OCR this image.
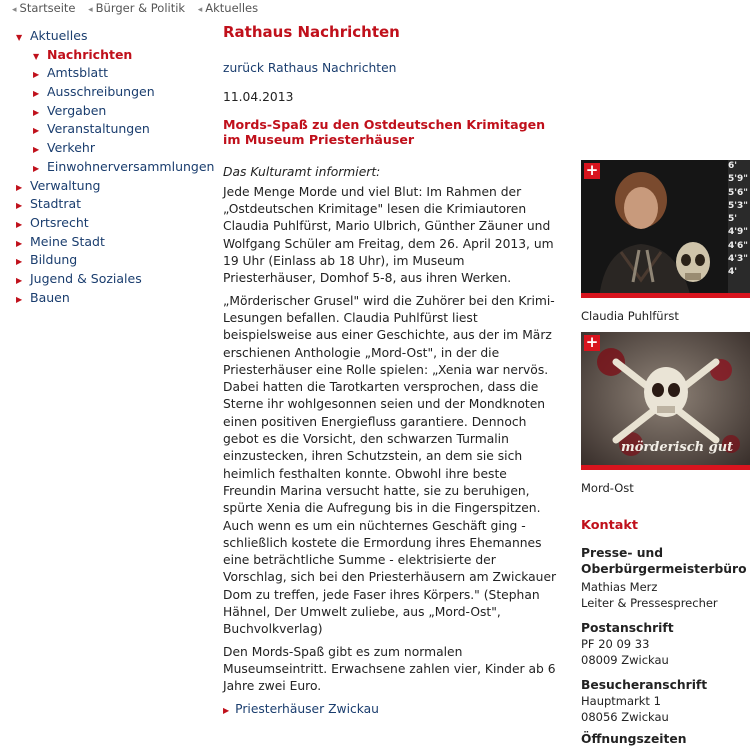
◂ Startseite ◂ Bürger & Politik ◂ Aktuelles
▼ Aktuelles
▼ Nachrichten
▶ Amtsblatt
▶ Ausschreibungen
▶ Vergaben
▶ Veranstaltungen
▶ Verkehr
▶ Einwohnerversammlungen
▶ Verwaltung
▶ Stadtrat
▶ Ortsrecht
▶ Meine Stadt
▶ Bildung
▶ Jugend & Soziales
▶ Bauen
Rathaus Nachrichten
zurück Rathaus Nachrichten
11.04.2013
Mords-Spaß zu den Ostdeutschen Krimitagen im Museum Priesterhäuser
Das Kulturamt informiert:
Jede Menge Morde und viel Blut: Im Rahmen der „Ostdeutschen Krimitage" lesen die Krimiautoren Claudia Puhlfürst, Mario Ulbrich, Günther Zäuner und Wolfgang Schüler am Freitag, dem 26. April 2013, um 19 Uhr (Einlass ab 18 Uhr), im Museum Priesterhäuser, Domhof 5-8, aus ihren Werken.
„Mörderischer Grusel" wird die Zuhörer bei den Krimi-Lesungen befallen. Claudia Puhlfürst liest beispielsweise aus einer Geschichte, aus der im März erschienen Anthologie „Mord-Ost", in der die Priesterhäuser eine Rolle spielen: „Xenia war nervös. Dabei hatten die Tarotkarten versprochen, dass die Sterne ihr wohlgesonnen seien und der Mondknoten einen positiven Energiefluss garantiere. Dennoch gebot es die Vorsicht, den schwarzen Turmalin einzustecken, ihren Schutzstein, an dem sie sich heimlich festhalten konnte. Obwohl ihre beste Freundin Marina versucht hatte, sie zu beruhigen, spürte Xenia die Aufregung bis in die Fingerspitzen. Auch wenn es um ein nüchternes Geschäft ging - schließlich kostete die Ermordung ihres Ehemannes eine beträchtliche Summe - elektrisierte der Vorschlag, sich bei den Priesterhäusern am Zwickauer Dom zu treffen, jede Faser ihres Körpers." (Stephan Hähnel, Der Umwelt zuliebe, aus „Mord-Ost", Buchvolkverlag)
Den Mords-Spaß gibt es zum normalen Museumseintritt. Erwachsene zahlen vier, Kinder ab 6 Jahre zwei Euro.
▶ Priesterhäuser Zwickau
+	6'
5'9"
5'6"
5'3"
5'
4'9"
4'6"
4'3"
4'
Claudia Puhlfürst
+
mörderisch gut
Mord-Ost
Kontakt
Presse- und Oberbürgermeisterbüro
Mathias Merz
Leiter & Pressesprecher
Postanschrift
PF 20 09 33
08009 Zwickau
Besucheranschrift
Hauptmarkt 1
08056 Zwickau
Öffnungszeiten
